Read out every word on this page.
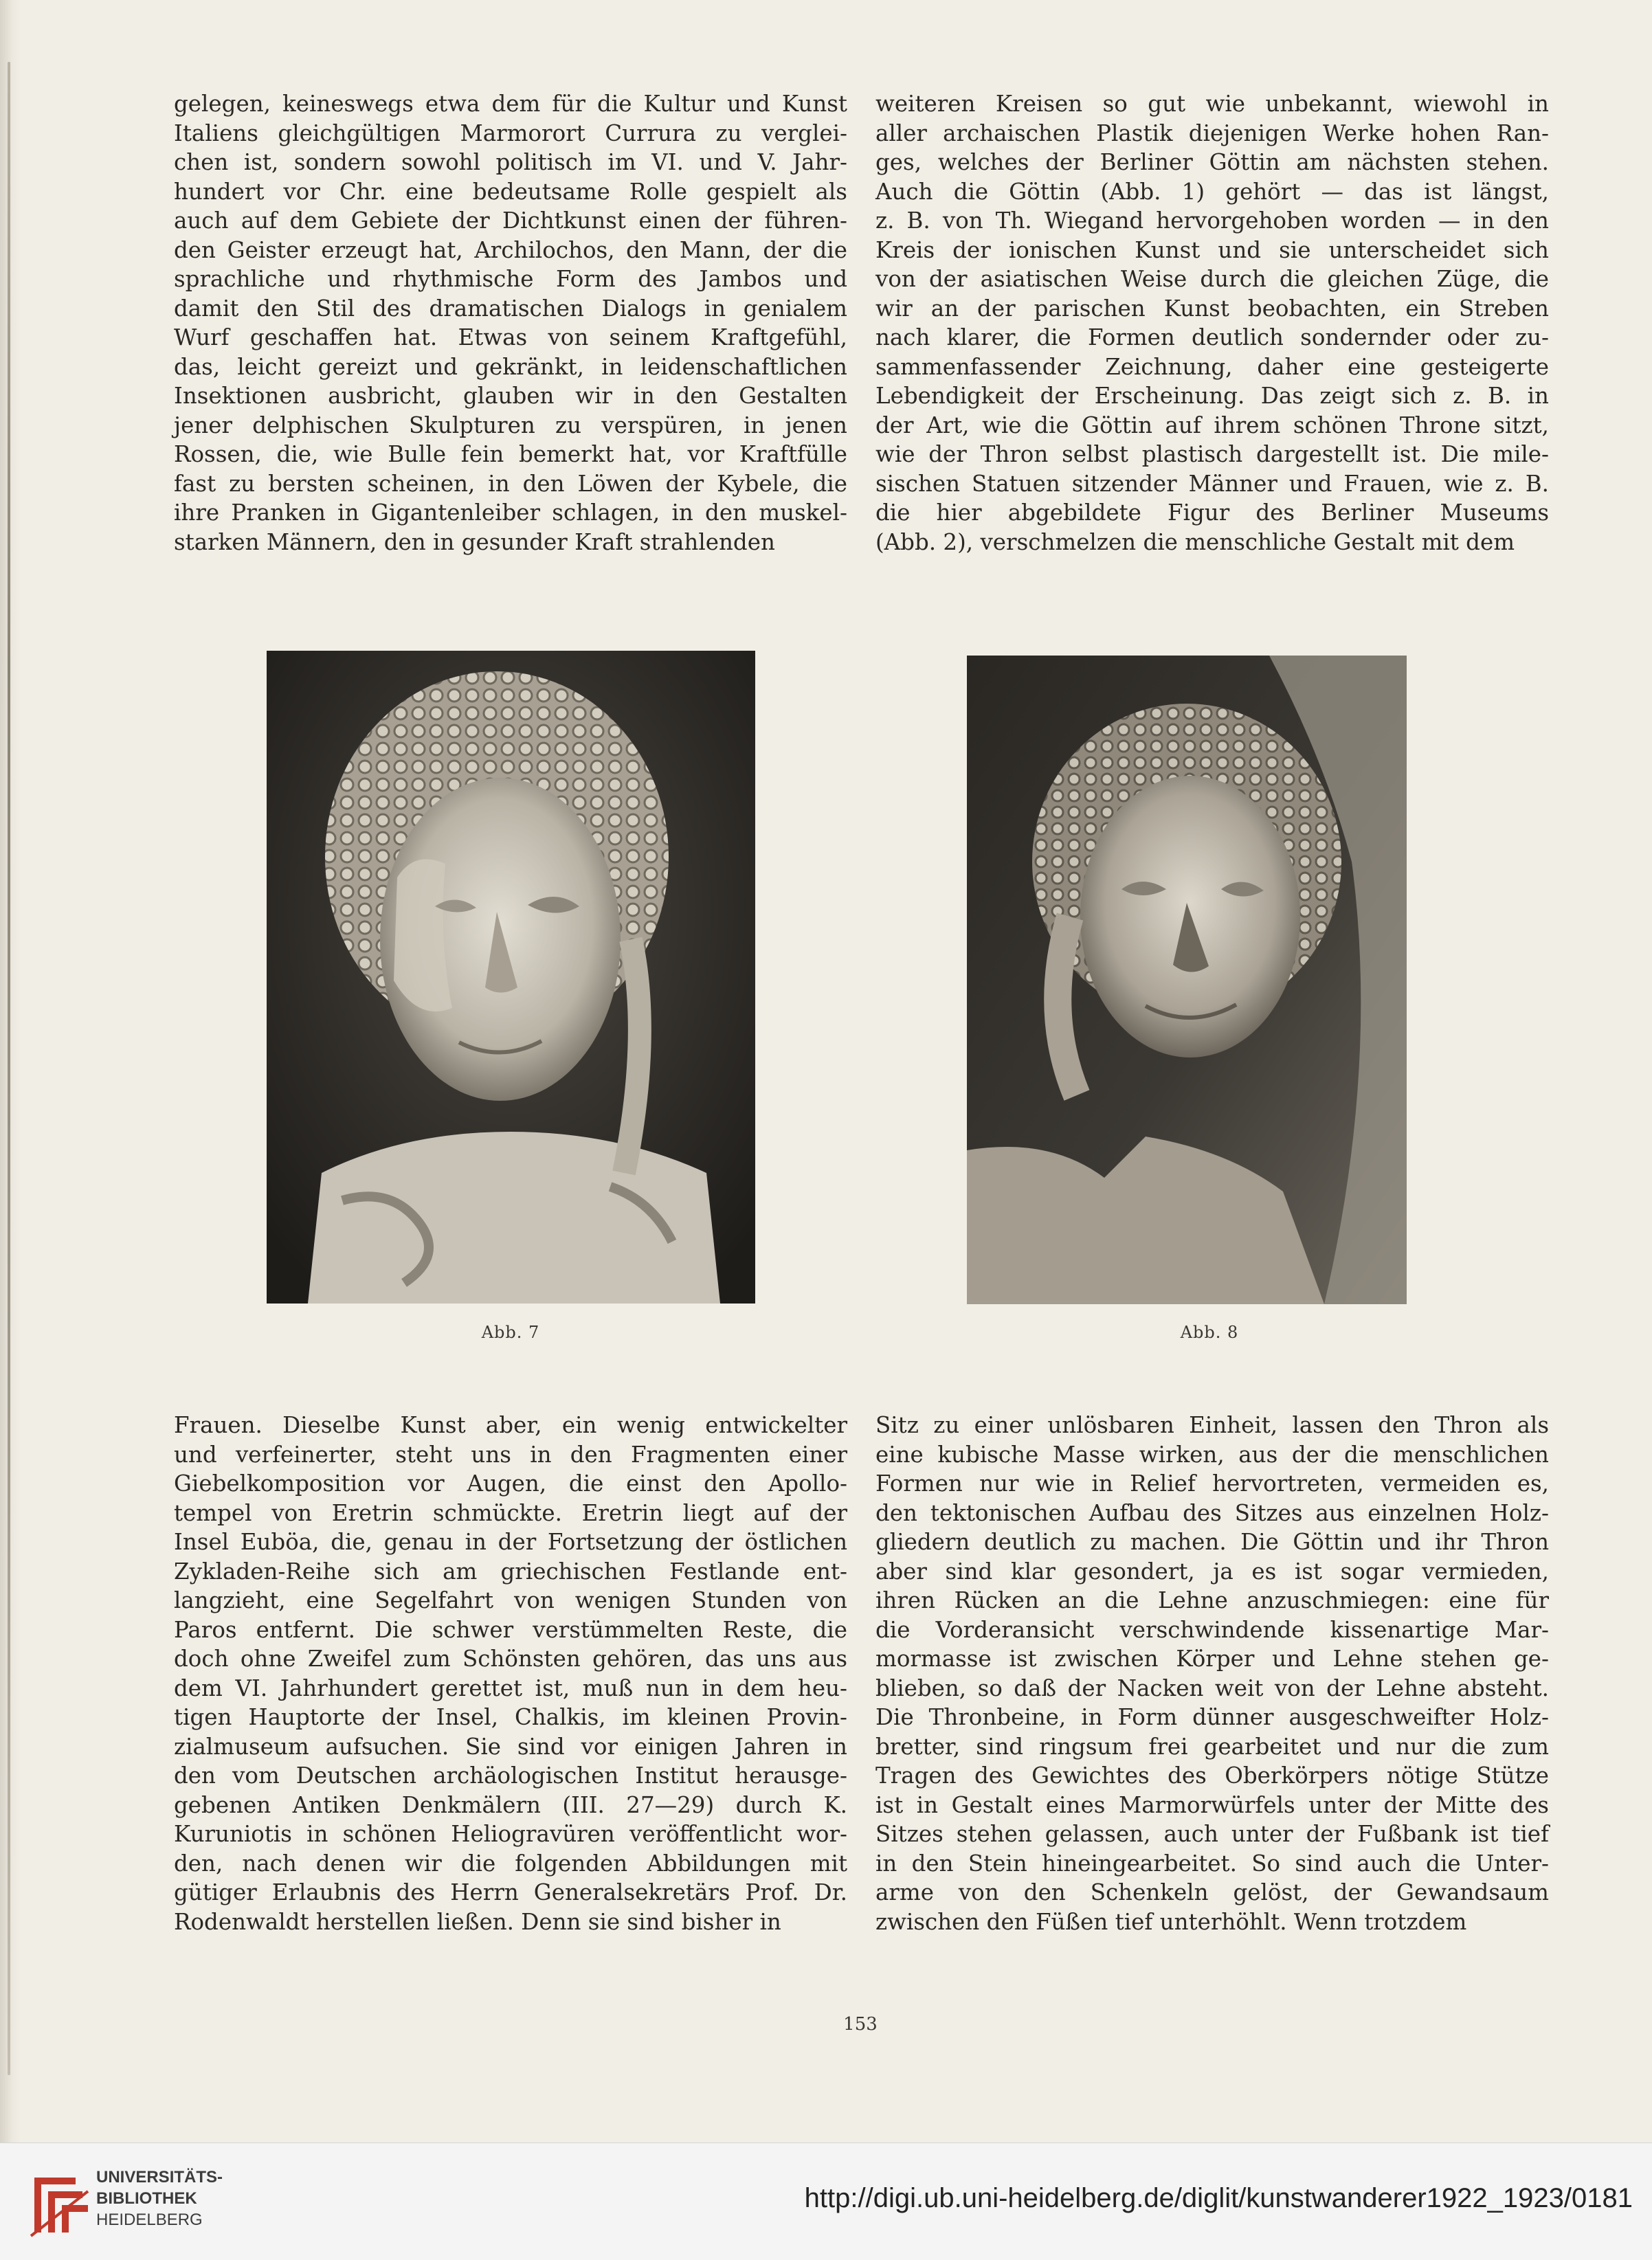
gelegen, keineswegs etwa dem für die Kultur und Kunst
Italiens gleichgültigen Marmorort Currura zu verglei-
chen ist, sondern sowohl politisch im VI. und V. Jahr-
hundert vor Chr. eine bedeutsame Rolle gespielt als
auch auf dem Gebiete der Dichtkunst einen der führen-
den Geister erzeugt hat, Archilochos, den Mann, der die
sprachliche und rhythmische Form des Jambos und
damit den Stil des dramatischen Dialogs in genialem
Wurf geschaffen hat. Etwas von seinem Kraftgefühl,
das, leicht gereizt und gekränkt, in leidenschaftlichen
Insektionen ausbricht, glauben wir in den Gestalten
jener delphischen Skulpturen zu verspüren, in jenen
Rossen, die, wie Bulle fein bemerkt hat, vor Kraftfülle
fast zu bersten scheinen, in den Löwen der Kybele, die
ihre Pranken in Gigantenleiber schlagen, in den muskel-
starken Männern, den in gesunder Kraft strahlenden
weiteren Kreisen so gut wie unbekannt, wiewohl in
aller archaischen Plastik diejenigen Werke hohen Ran-
ges, welches der Berliner Göttin am nächsten stehen.
Auch die Göttin (Abb. 1) gehört — das ist längst,
z. B. von Th. Wiegand hervorgehoben worden — in den
Kreis der ionischen Kunst und sie unterscheidet sich
von der asiatischen Weise durch die gleichen Züge, die
wir an der parischen Kunst beobachten, ein Streben
nach klarer, die Formen deutlich sondernder oder zu-
sammenfassender Zeichnung, daher eine gesteigerte
Lebendigkeit der Erscheinung. Das zeigt sich z. B. in
der Art, wie die Göttin auf ihrem schönen Throne sitzt,
wie der Thron selbst plastisch dargestellt ist. Die mile-
sischen Statuen sitzender Männer und Frauen, wie z. B.
die hier abgebildete Figur des Berliner Museums
(Abb. 2), verschmelzen die menschliche Gestalt mit dem
Abb. 7	Abb. 8
Frauen. Dieselbe Kunst aber, ein wenig entwickelter
und verfeinerter, steht uns in den Fragmenten einer
Giebelkomposition vor Augen, die einst den Apollo-
tempel von Eretrin schmückte. Eretrin liegt auf der
Insel Euböa, die, genau in der Fortsetzung der östlichen
Zykladen-Reihe sich am griechischen Festlande ent-
langzieht, eine Segelfahrt von wenigen Stunden von
Paros entfernt. Die schwer verstümmelten Reste, die
doch ohne Zweifel zum Schönsten gehören, das uns aus
dem VI. Jahrhundert gerettet ist, muß nun in dem heu-
tigen Hauptorte der Insel, Chalkis, im kleinen Provin-
zialmuseum aufsuchen. Sie sind vor einigen Jahren in
den vom Deutschen archäologischen Institut herausge-
gebenen Antiken Denkmälern (III. 27—29) durch K.
Kuruniotis in schönen Heliogravüren veröffentlicht wor-
den, nach denen wir die folgenden Abbildungen mit
gütiger Erlaubnis des Herrn Generalsekretärs Prof. Dr.
Rodenwaldt herstellen ließen. Denn sie sind bisher in
Sitz zu einer unlösbaren Einheit, lassen den Thron als
eine kubische Masse wirken, aus der die menschlichen
Formen nur wie in Relief hervortreten, vermeiden es,
den tektonischen Aufbau des Sitzes aus einzelnen Holz-
gliedern deutlich zu machen. Die Göttin und ihr Thron
aber sind klar gesondert, ja es ist sogar vermieden,
ihren Rücken an die Lehne anzuschmiegen: eine für
die Vorderansicht verschwindende kissenartige Mar-
mormasse ist zwischen Körper und Lehne stehen ge-
blieben, so daß der Nacken weit von der Lehne absteht.
Die Thronbeine, in Form dünner ausgeschweifter Holz-
bretter, sind ringsum frei gearbeitet und nur die zum
Tragen des Gewichtes des Oberkörpers nötige Stütze
ist in Gestalt eines Marmorwürfels unter der Mitte des
Sitzes stehen gelassen, auch unter der Fußbank ist tief
in den Stein hineingearbeitet. So sind auch die Unter-
arme von den Schenkeln gelöst, der Gewandsaum
zwischen den Füßen tief unterhöhlt. Wenn trotzdem
153
UNIVERSITÄTS-
BIBLIOTHEK
HEIDELBERG
http://digi.ub.uni-heidelberg.de/diglit/kunstwanderer1922_1923/0181
